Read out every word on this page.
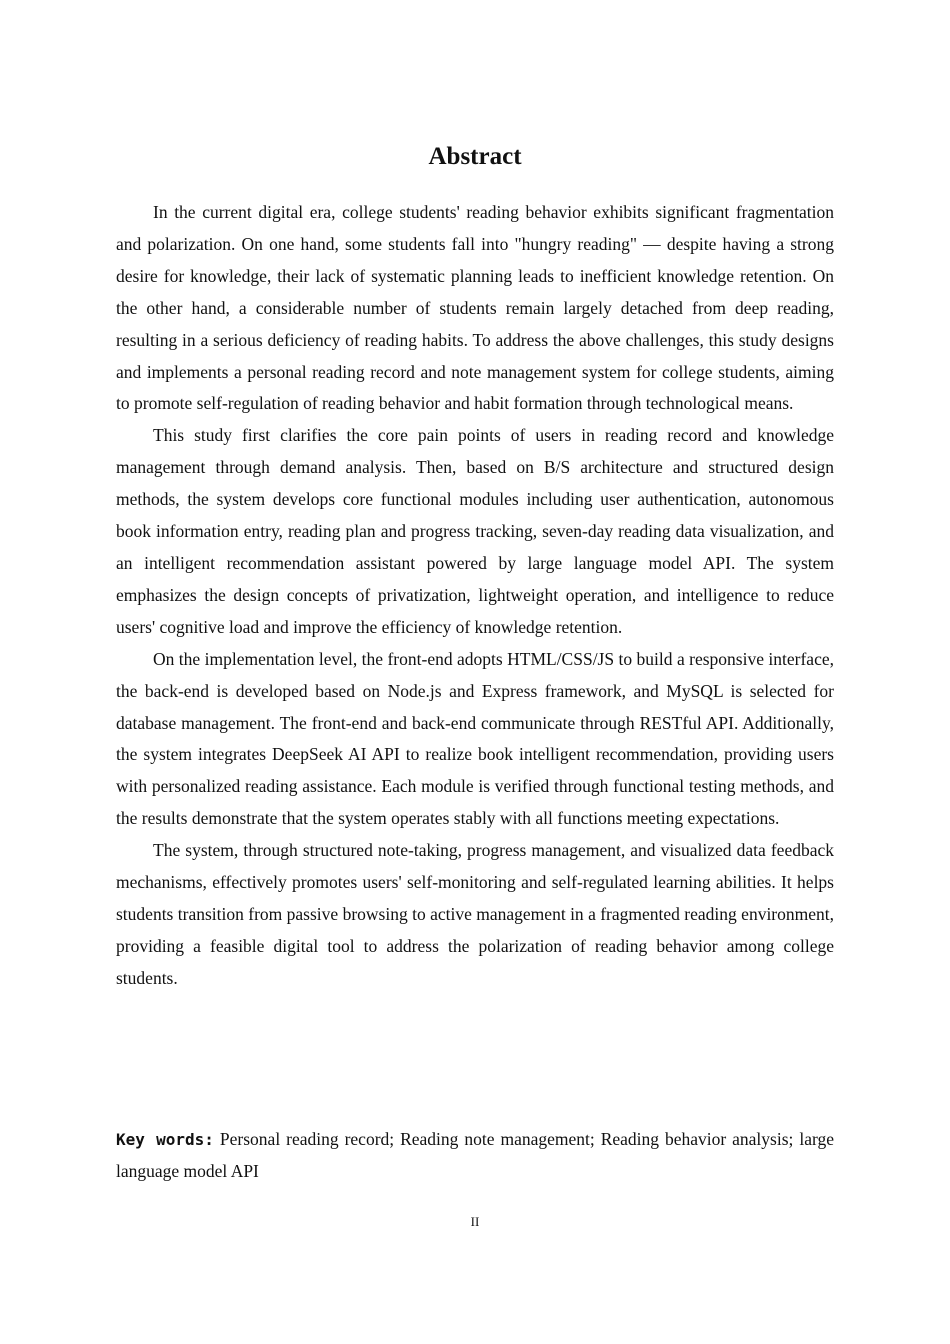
Abstract

In the current digital era, college students' reading behavior exhibits significant fragmentation and polarization. On one hand, some students fall into "hungry reading" — despite having a strong desire for knowledge, their lack of systematic planning leads to inefficient knowledge retention. On the other hand, a considerable number of students remain largely detached from deep reading, resulting in a serious deficiency of reading habits. To address the above challenges, this study designs and implements a personal reading record and note management system for college students, aiming to promote self-regulation of reading behavior and habit formation through technological means.

This study first clarifies the core pain points of users in reading record and knowledge management through demand analysis. Then, based on B/S architecture and structured design methods, the system develops core functional modules including user authentication, autonomous book information entry, reading plan and progress tracking, seven-day reading data visualization, and an intelligent recommendation assistant powered by large language model API. The system emphasizes the design concepts of privatization, lightweight operation, and intelligence to reduce users' cognitive load and improve the efficiency of knowledge retention.

On the implementation level, the front-end adopts HTML/CSS/JS to build a responsive interface, the back-end is developed based on Node.js and Express framework, and MySQL is selected for database management. The front-end and back-end communicate through RESTful API. Additionally, the system integrates DeepSeek AI API to realize book intelligent recommendation, providing users with personalized reading assistance. Each module is verified through functional testing methods, and the results demonstrate that the system operates stably with all functions meeting expectations.

The system, through structured note-taking, progress management, and visualized data feedback mechanisms, effectively promotes users' self-monitoring and self-regulated learning abilities. It helps students transition from passive browsing to active management in a fragmented reading environment, providing a feasible digital tool to address the polarization of reading behavior among college students.

Key words: Personal reading record; Reading note management; Reading behavior analysis; large language model API

II
